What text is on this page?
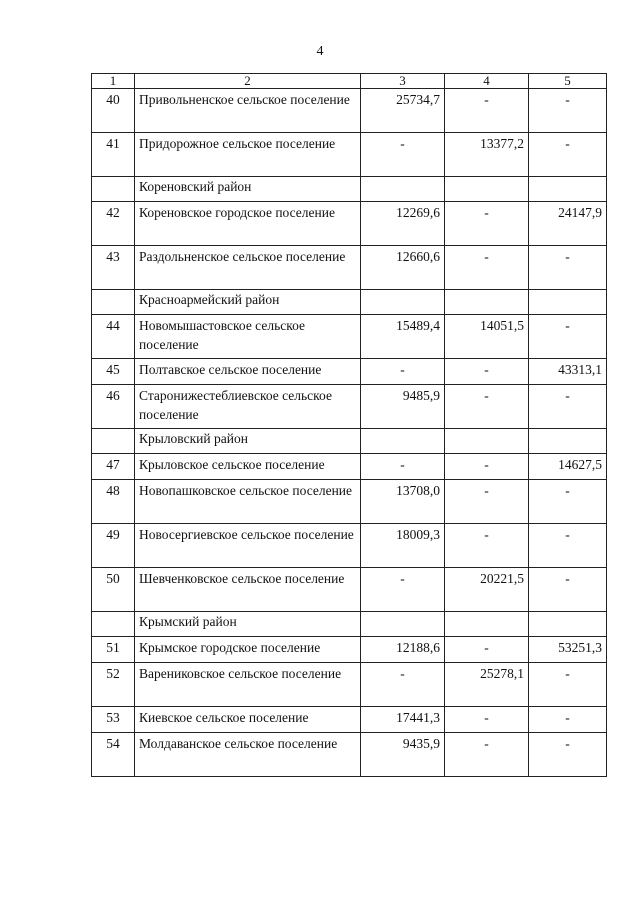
4
1	2	3	4	5
40	Привольненское сельское поселение	25734,7	-	-
41	Придорожное сельское поселение	-	13377,2	-
	Кореновский район			
42	Кореновское городское поселение	12269,6	-	24147,9
43	Раздольненское сельское поселение	12660,6	-	-
	Красноармейский район			
44	Новомышастовское сельское поселение	15489,4	14051,5	-
45	Полтавское сельское поселение	-	-	43313,1
46	Старонижестеблиевское сельское поселение	9485,9	-	-
	Крыловский район			
47	Крыловское сельское поселение	-	-	14627,5
48	Новопашковское сельское поселение	13708,0	-	-
49	Новосергиевское сельское поселение	18009,3	-	-
50	Шевченковское сельское поселение	-	20221,5	-
	Крымский район			
51	Крымское городское поселение	12188,6	-	53251,3
52	Варениковское сельское поселение	-	25278,1	-
53	Киевское сельское поселение	17441,3	-	-
54	Молдаванское сельское поселение	9435,9	-	-
